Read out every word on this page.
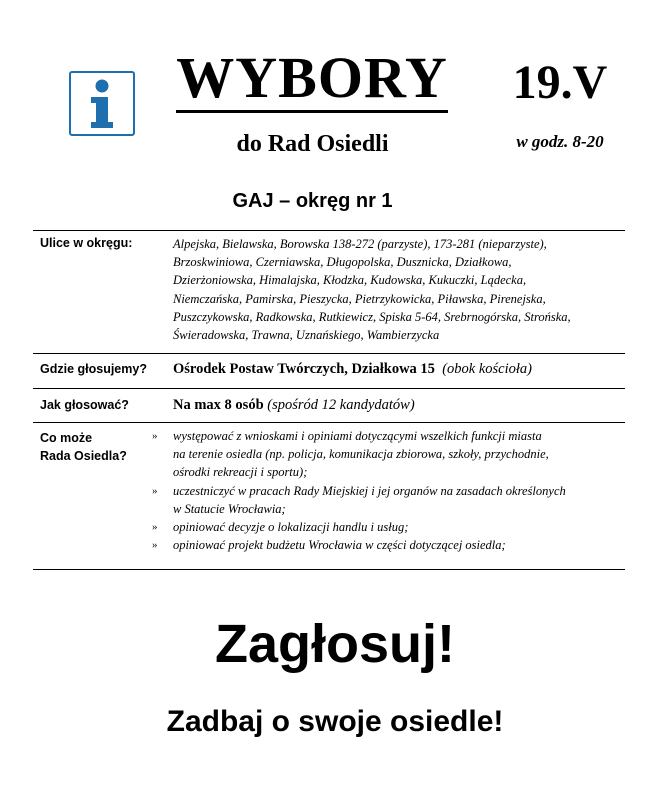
WYBORY	19.V
do Rad Osiedli	w godz. 8-20
GAJ – okręg nr 1
Ulice w okręgu:	Alpejska, Bielawska, Borowska 138-272 (parzyste), 173-281 (nieparzyste),
Brzoskwiniowa, Czerniawska, Długopolska, Dusznicka, Działkowa,
Dzierżoniowska, Himalajska, Kłodzka, Kudowska, Kukuczki, Lądecka,
Niemczańska, Pamirska, Pieszycka, Pietrzykowicka, Piławska, Pirenejska,
Puszczykowska, Radkowska, Rutkiewicz, Spiska 5-64, Srebrnogórska, Strońska,
Świeradowska, Trawna, Uznańskiego, Wambierzycka
Gdzie głosujemy? Ośrodek Postaw Twórczych, Działkowa 15 (obok kościoła)
Jak głosować?	Na max 8 osób (spośród 12 kandydatów)
Co może
Rada Osiedla?
» występować z wnioskami i opiniami dotyczącymi wszelkich funkcji miasta
na terenie osiedla (np. policja, komunikacja zbiorowa, szkoły, przychodnie,
ośrodki rekreacji i sportu);
» uczestniczyć w pracach Rady Miejskiej i jej organów na zasadach określonych
w Statucie Wrocławia;
» opiniować decyzje o lokalizacji handlu i usług;
» opiniować projekt budżetu Wrocławia w części dotyczącej osiedla;
Zagłosuj!
Zadbaj o swoje osiedle!
